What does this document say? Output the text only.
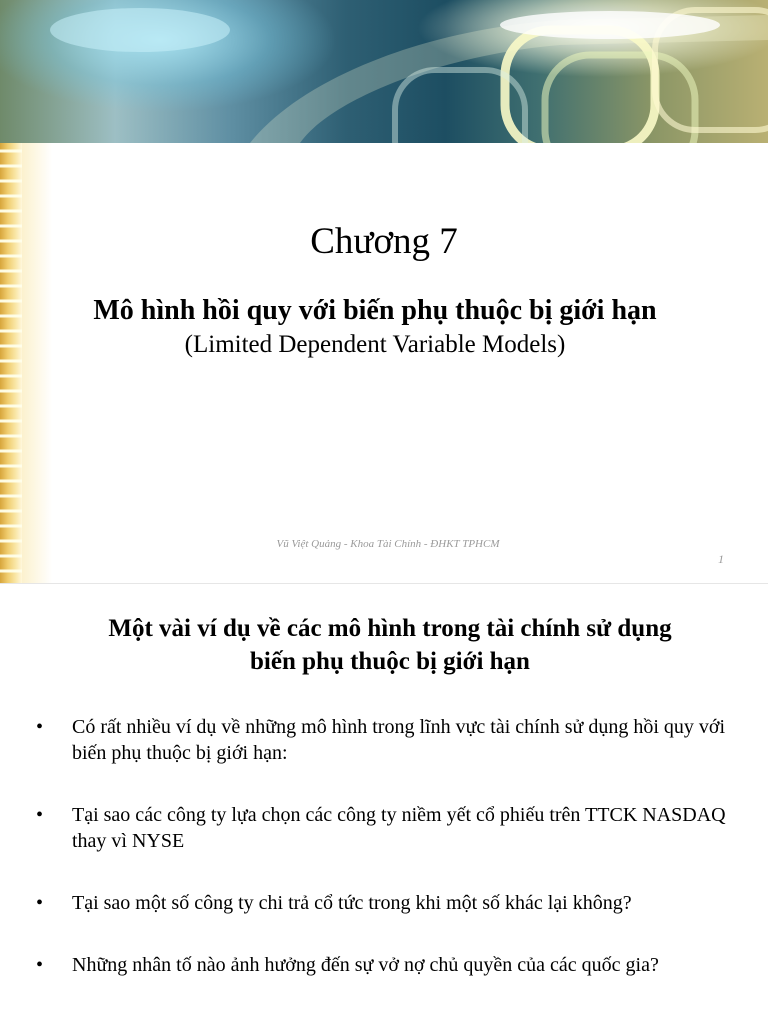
Chương 7
Mô hình hồi quy với biến phụ thuộc bị giới hạn
(Limited Dependent Variable Models)
Vũ Việt Quảng - Khoa Tài Chính - ĐHKT TPHCM
1
Một vài ví dụ về các mô hình trong tài chính sử dụng
biến phụ thuộc bị giới hạn
• Có rất nhiều ví dụ về những mô hình trong lĩnh vực tài chính sử dụng hồi quy với biến phụ thuộc bị giới hạn:
• Tại sao các công ty lựa chọn các công ty niềm yết cổ phiếu trên TTCK NASDAQ thay vì NYSE
• Tại sao một số công ty chi trả cổ tức trong khi một số khác lại không?
• Những nhân tố nào ảnh hưởng đến sự vở nợ chủ quyền của các quốc gia?
